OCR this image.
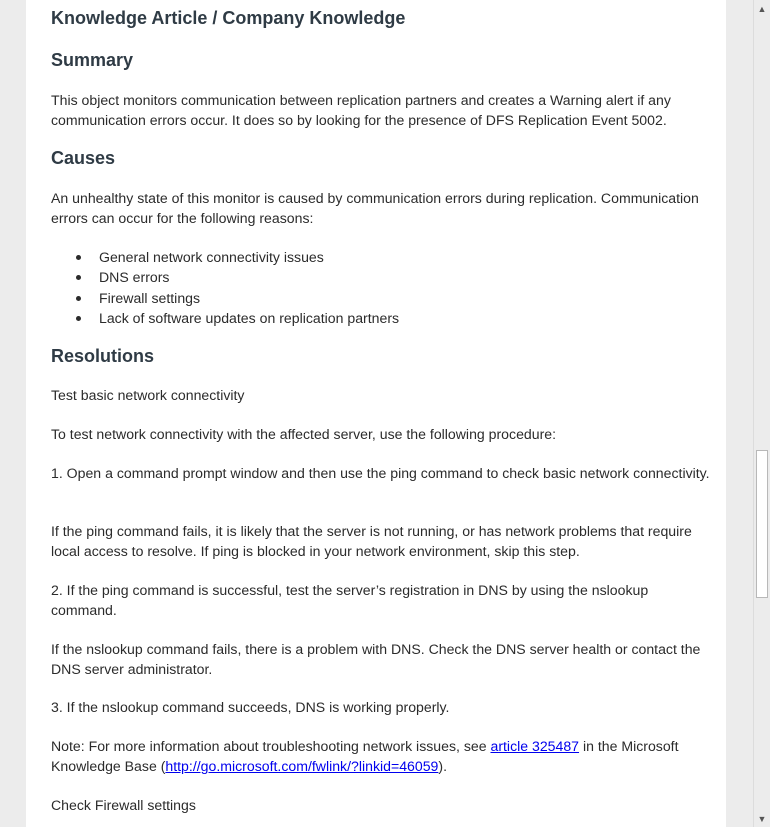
Knowledge Article / Company Knowledge
Summary

This object monitors communication between replication partners and creates a Warning alert if any communication errors occur. It does so by looking for the presence of DFS Replication Event 5002.

Causes

An unhealthy state of this monitor is caused by communication errors during replication. Communication errors can occur for the following reasons:

General network connectivity issues
DNS errors
Firewall settings
Lack of software updates on replication partners
Resolutions

Test basic network connectivity

To test network connectivity with the affected server, use the following procedure:

1. Open a command prompt window and then use the ping command to check basic network connectivity.

If the ping command fails, it is likely that the server is not running, or has network problems that require local access to resolve. If ping is blocked in your network environment, skip this step.

2. If the ping command is successful, test the server’s registration in DNS by using the nslookup command.

If the nslookup command fails, there is a problem with DNS. Check the DNS server health or contact the DNS server administrator.

3. If the nslookup command succeeds, DNS is working properly.

Note: For more information about troubleshooting network issues, see article 325487 in the Microsoft Knowledge Base (http://go.microsoft.com/fwlink/?linkid=46059).

Check Firewall settings

▲
▼
